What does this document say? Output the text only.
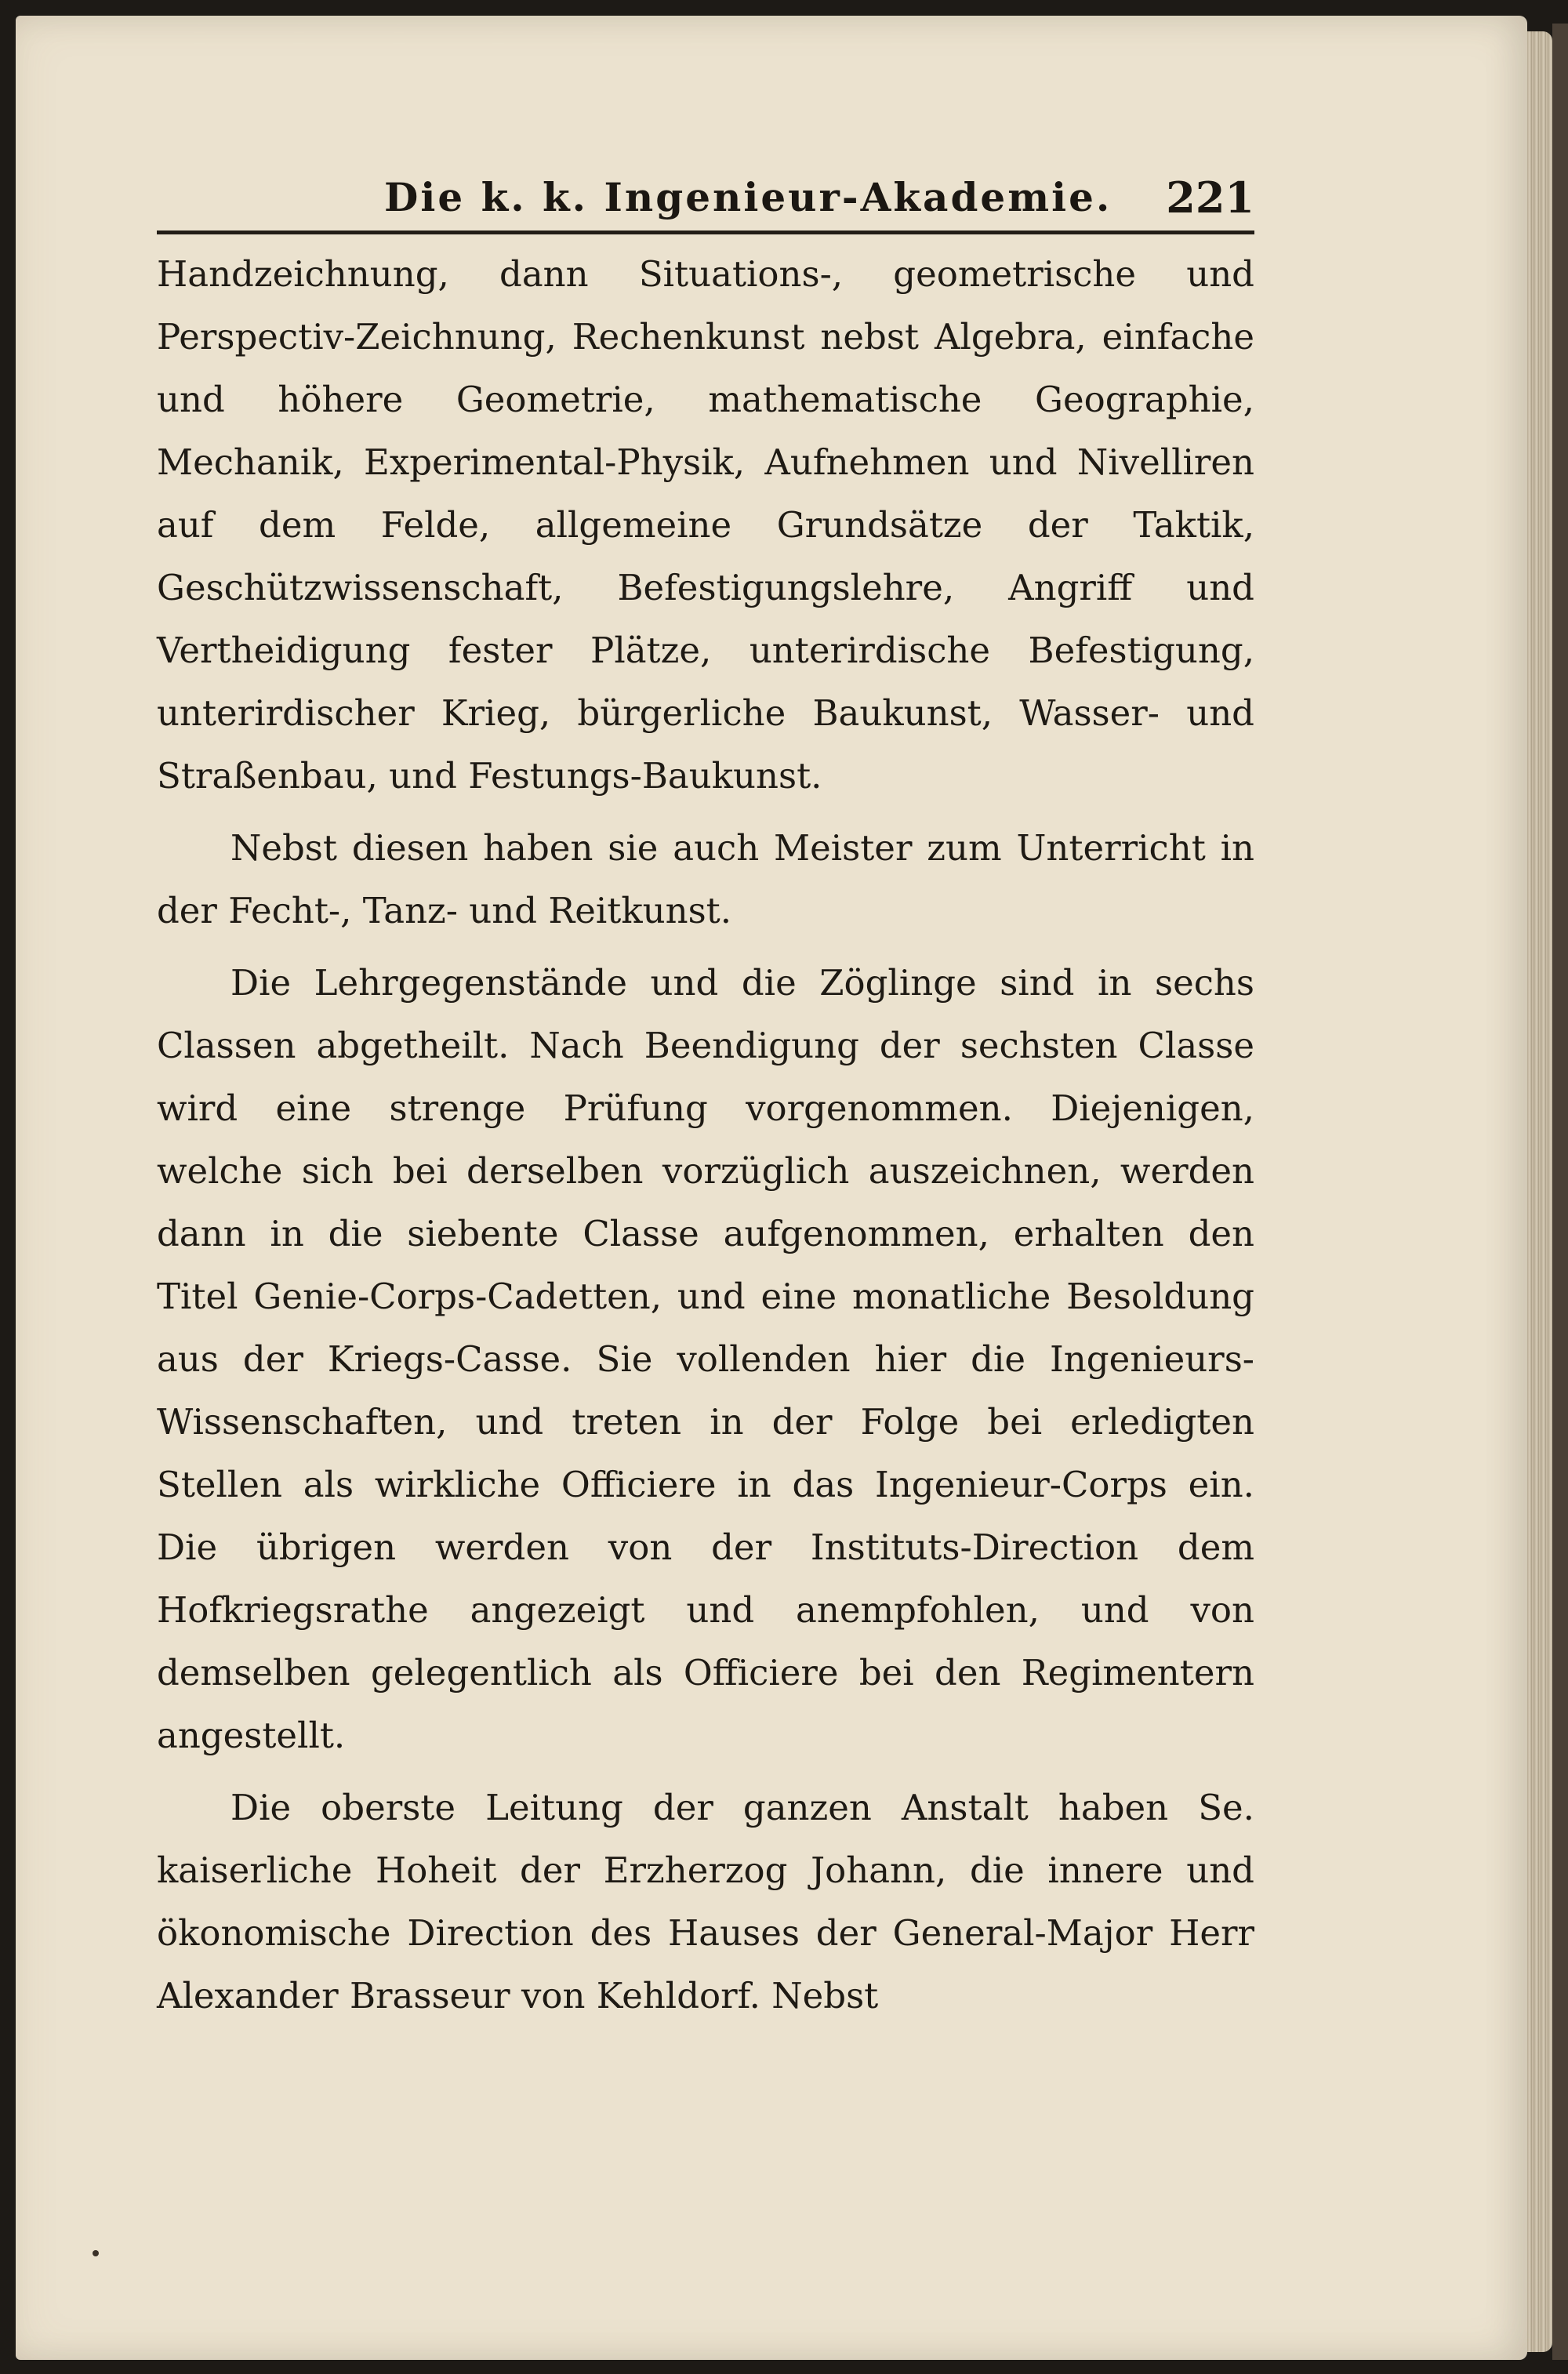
Die k. k. Ingenieur-Akademie. 221

Handzeichnung, dann Situations-, geometrische und Perspectiv-Zeichnung, Rechenkunst nebst Algebra, einfache und höhere Geometrie, mathematische Geographie, Mechanik, Experimental-Physik, Aufnehmen und Nivelliren auf dem Felde, allgemeine Grundsätze der Taktik, Geschützwissenschaft, Befestigungslehre, Angriff und Vertheidigung fester Plätze, unterirdische Befestigung, unterirdischer Krieg, bürgerliche Baukunst, Wasser- und Straßenbau, und Festungs-Baukunst.

Nebst diesen haben sie auch Meister zum Unterricht in der Fecht-, Tanz- und Reitkunst.

Die Lehrgegenstände und die Zöglinge sind in sechs Classen abgetheilt. Nach Beendigung der sechsten Classe wird eine strenge Prüfung vorgenommen. Diejenigen, welche sich bei derselben vorzüglich auszeichnen, werden dann in die siebente Classe aufgenommen, erhalten den Titel Genie-Corps-Cadetten, und eine monatliche Besoldung aus der Kriegs-Casse. Sie vollenden hier die Ingenieurs-Wissenschaften, und treten in der Folge bei erledigten Stellen als wirkliche Officiere in das Ingenieur-Corps ein. Die übrigen werden von der Instituts-Direction dem Hofkriegsrathe angezeigt und anempfohlen, und von demselben gelegentlich als Officiere bei den Regimentern angestellt.

Die oberste Leitung der ganzen Anstalt haben Se. kaiserliche Hoheit der Erzherzog Johann, die innere und ökonomische Direction des Hauses der General-Major Herr Alexander Brasseur von Kehldorf. Nebst
